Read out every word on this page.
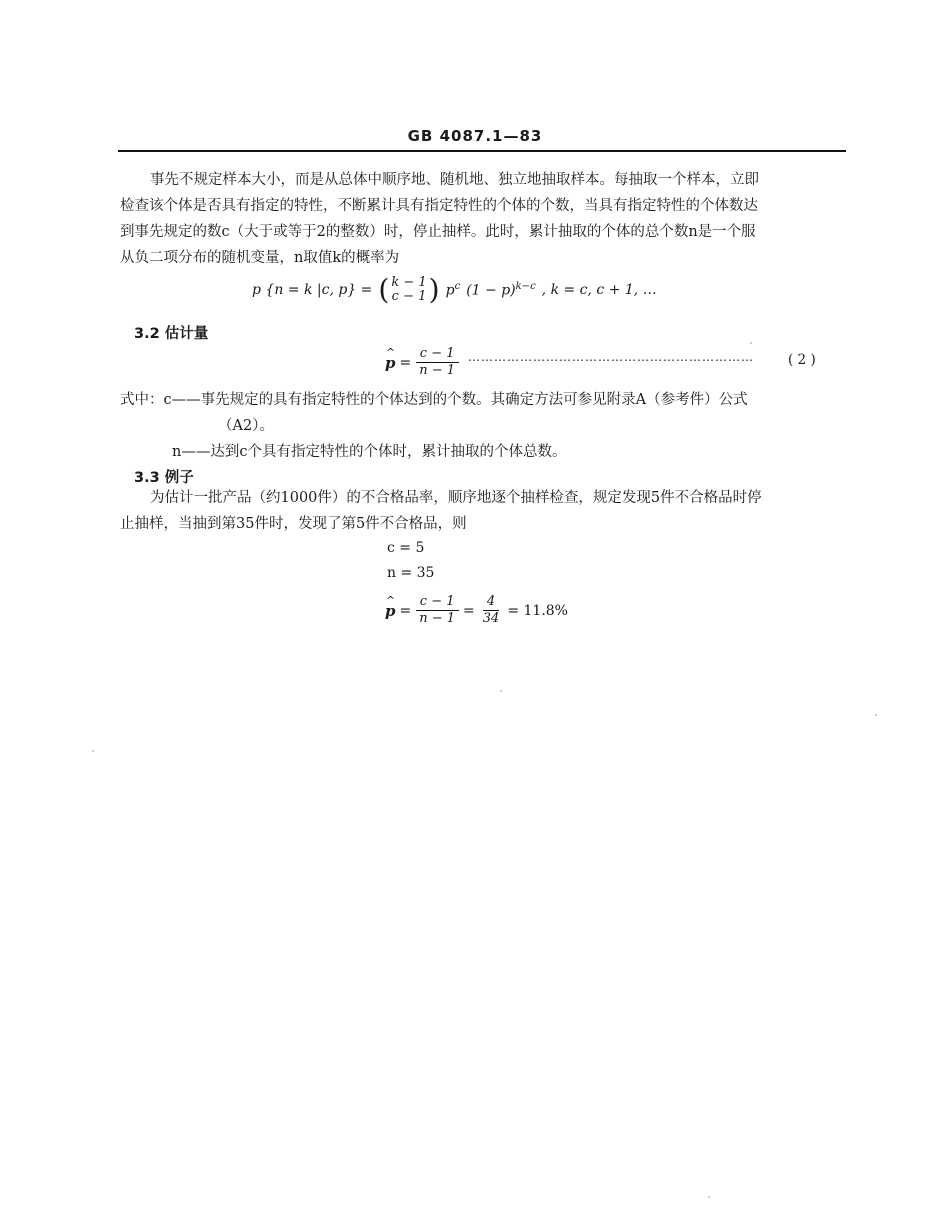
GB 4087.1—83
事先不规定样本大小，而是从总体中顺序地、随机地、独立地抽取样本。每抽取一个样本，立即
检查该个体是否具有指定的特性，不断累计具有指定特性的个体的个数，当具有指定特性的个体数达
到事先规定的数c（大于或等于2的整数）时，停止抽样。此时，累计抽取的个体的总个数n是一个服
从负二项分布的随机变量，n取值k的概率为
p {n = k |c, p} = ( k − 1
c − 1 ) $p^c$ $(1 - p)^{k-c}$ , k = c, c + 1, …
3.2 估计量
^ $p = \frac{c - 1}{n - 1}$ …………………………………………………………	( 2 )
式中：c——事先规定的具有指定特性的个体达到的个数。其确定方法可参见附录A（参考件）公式
（A2）。
n——达到c个具有指定特性的个体时，累计抽取的个体总数。
3.3 例子
为估计一批产品（约1000件）的不合格品率，顺序地逐个抽样检查，规定发现5件不合格品时停
止抽样，当抽到第35件时，发现了第5件不合格品，则
c = 5
n = 35
^ $p = \frac{c - 1}{n - 1} = \frac{4}{34} = 11.8\%$
